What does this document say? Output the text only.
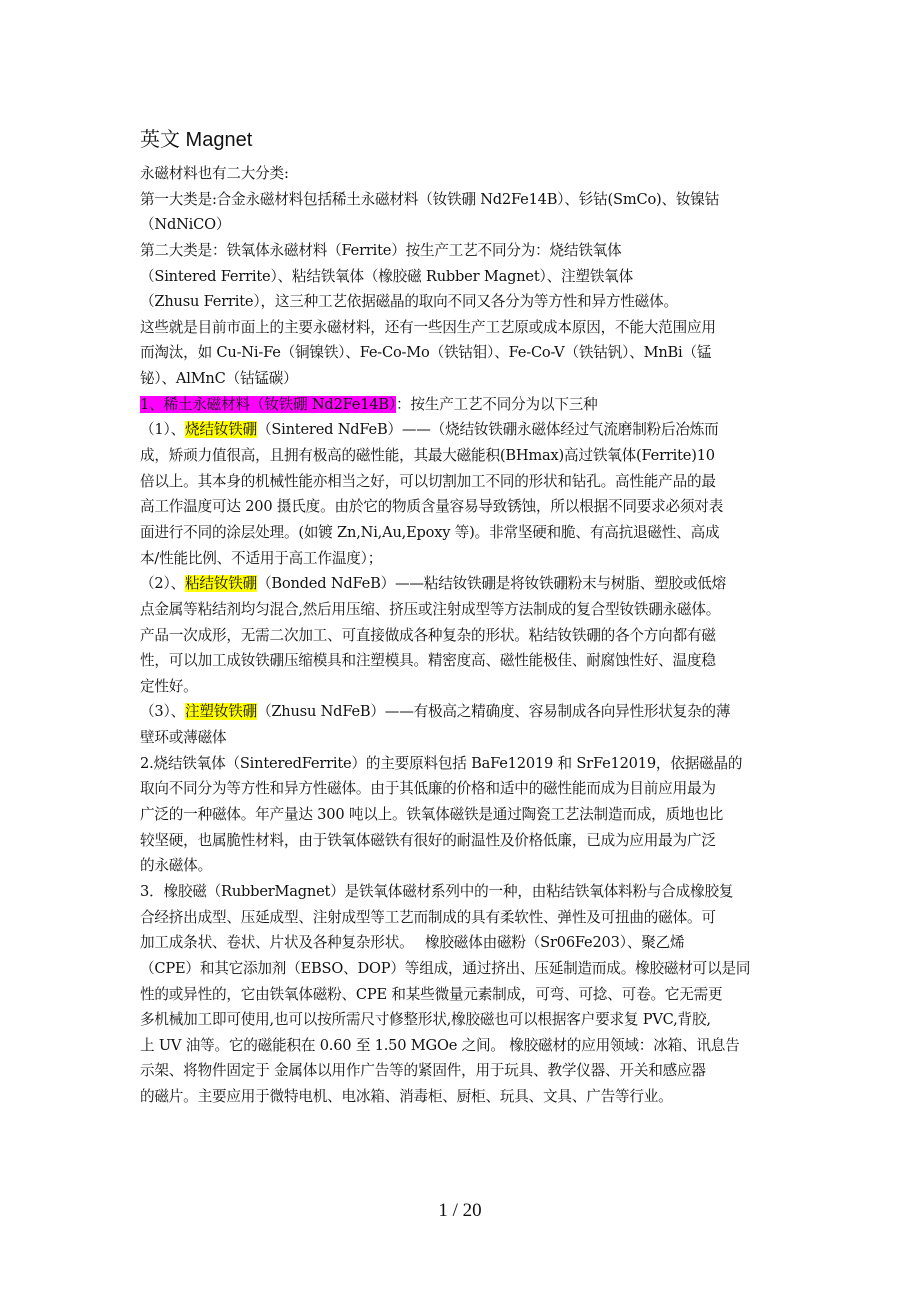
英文 Magnet
永磁材料也有二大分类:
第一大类是:合金永磁材料包括稀土永磁材料（钕铁硼 Nd2Fe14B）、钐钴(SmCo)、钕镍钴
（NdNiCO）
第二大类是：铁氧体永磁材料（Ferrite）按生产工艺不同分为：烧结铁氧体
（Sintered Ferrite）、粘结铁氧体（橡胶磁 Rubber Magnet）、注塑铁氧体
（Zhusu Ferrite），这三种工艺依据磁晶的取向不同又各分为等方性和异方性磁体。
这些就是目前市面上的主要永磁材料，还有一些因生产工艺原或成本原因，不能大范围应用
而淘汰，如 Cu-Ni-Fe（铜镍铁）、Fe-Co-Mo（铁钴钼）、Fe-Co-V（铁钴钒）、MnBi（锰
铋）、AlMnC（钴锰碳）
1、稀土永磁材料（钕铁硼 Nd2Fe14B）：按生产工艺不同分为以下三种
（1）、烧结钕铁硼（Sintered NdFeB）——（烧结钕铁硼永磁体经过气流磨制粉后冶炼而
成，矫顽力值很高，且拥有极高的磁性能，其最大磁能积(BHmax)高过铁氧体(Ferrite)10
倍以上。其本身的机械性能亦相当之好，可以切割加工不同的形状和钻孔。高性能产品的最
高工作温度可达 200 摄氏度。由於它的物质含量容易导致锈蚀，所以根据不同要求必须对表
面进行不同的涂层处理。(如镀 Zn,Ni,Au,Epoxy 等)。非常坚硬和脆、有高抗退磁性、高成
本/性能比例、不适用于高工作温度）；
（2）、粘结钕铁硼（Bonded NdFeB）——粘结钕铁硼是将钕铁硼粉末与树脂、塑胶或低熔
点金属等粘结剂均匀混合,然后用压缩、挤压或注射成型等方法制成的复合型钕铁硼永磁体。
产品一次成形，无需二次加工、可直接做成各种复杂的形状。粘结钕铁硼的各个方向都有磁
性，可以加工成钕铁硼压缩模具和注塑模具。精密度高、磁性能极佳、耐腐蚀性好、温度稳
定性好。
（3）、注塑钕铁硼（Zhusu NdFeB）——有极高之精确度、容易制成各向异性形状复杂的薄
壁环或薄磁体
2.烧结铁氧体（SinteredFerrite）的主要原料包括 BaFe12019 和 SrFe12019，依据磁晶的
取向不同分为等方性和异方性磁体。由于其低廉的价格和适中的磁性能而成为目前应用最为
广泛的一种磁体。年产量达 300 吨以上。铁氧体磁铁是通过陶瓷工艺法制造而成，质地也比
较坚硬，也属脆性材料，由于铁氧体磁铁有很好的耐温性及价格低廉，已成为应用最为广泛
的永磁体。
3．橡胶磁（RubberMagnet）是铁氧体磁材系列中的一种，由粘结铁氧体料粉与合成橡胶复
合经挤出成型、压延成型、注射成型等工艺而制成的具有柔软性、弹性及可扭曲的磁体。可
加工成条状、卷状、片状及各种复杂形状。　 橡胶磁体由磁粉（Sr06Fe203）、聚乙烯
（CPE）和其它添加剂（EBSO、DOP）等组成，通过挤出、压延制造而成。橡胶磁材可以是同
性的或异性的，它由铁氧体磁粉、CPE 和某些微量元素制成，可弯、可捻、可卷。它无需更
多机械加工即可使用,也可以按所需尺寸修整形状,橡胶磁也可以根据客户要求复 PVC,背胶,
上 UV 油等。它的磁能积在 0.60 至 1.50 MGOe 之间。 橡胶磁材的应用领域：冰箱、讯息告
示架、将物件固定于 金属体以用作广告等的紧固件，用于玩具、教学仪器、开关和感应器
的磁片。主要应用于微特电机、电冰箱、消毒柜、厨柜、玩具、文具、广告等行业。
1 / 20
